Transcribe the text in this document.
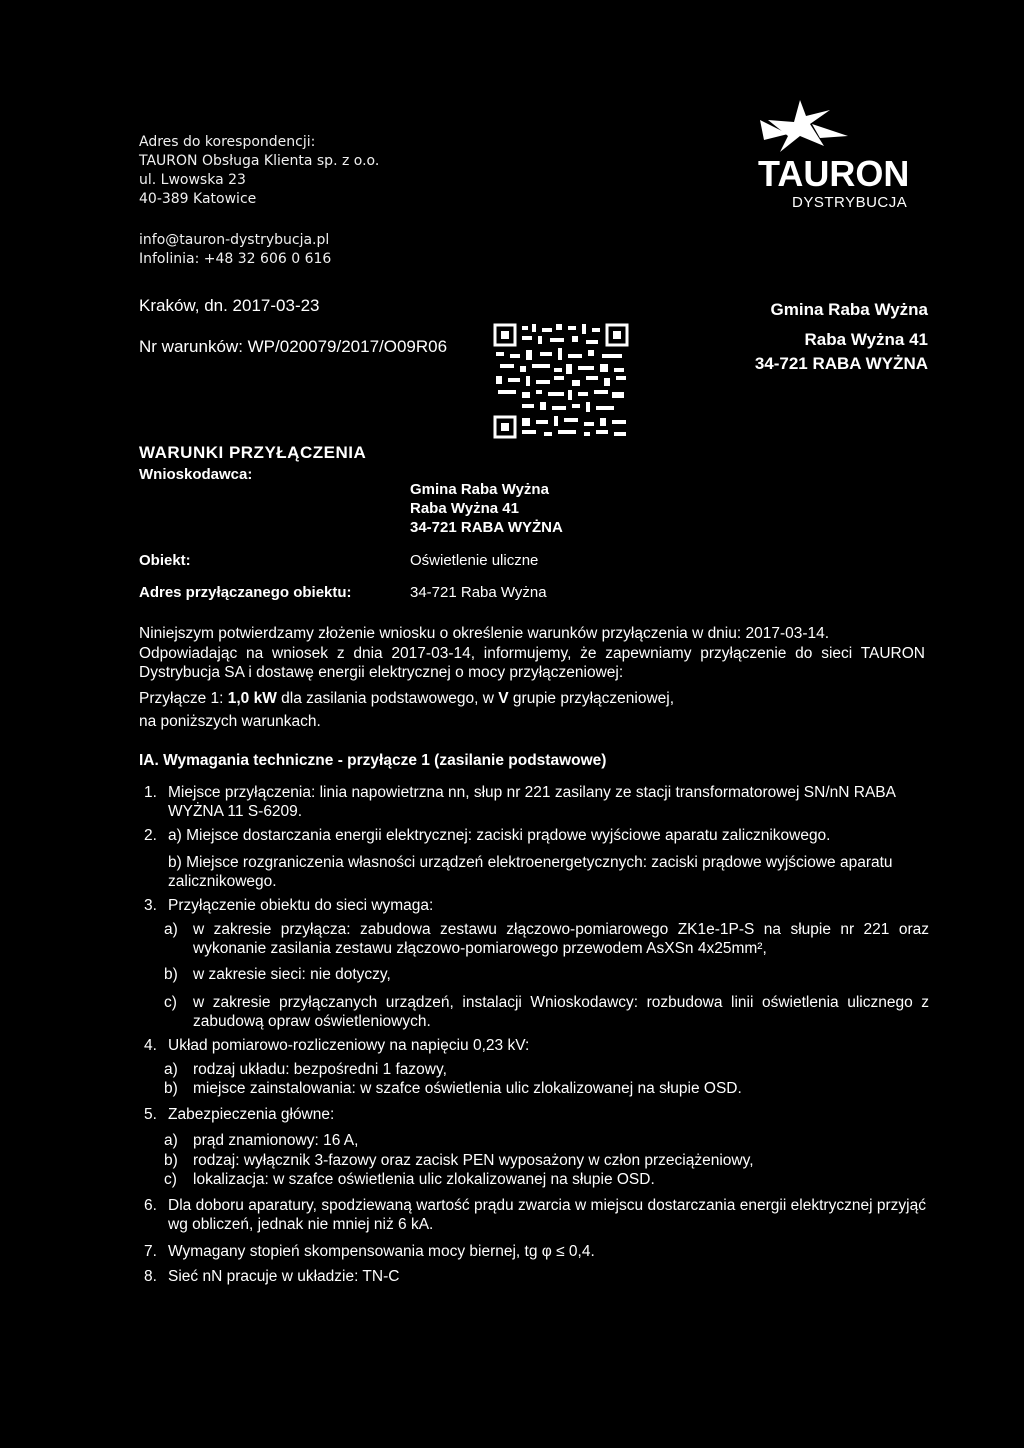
Adres do korespondencji:
TAURON Obsługa Klienta sp. z o.o.
ul. Lwowska 23
40-389 Katowice
info@tauron-dystrybucja.pl
Infolinia: +48 32 606 0 616
TAURON
DYSTRYBUCJA
Kraków, dn. 2017-03-23
Nr warunków: WP/020079/2017/O09R06
Gmina Raba Wyżna
Raba Wyżna 41
34-721 RABA WYŻNA
WARUNKI PRZYŁĄCZENIA
Wnioskodawca:
Gmina Raba Wyżna
Raba Wyżna 41
34-721 RABA WYŻNA
Obiekt:	Oświetlenie uliczne
Adres przyłączanego obiektu:	34-721 Raba Wyżna
Niniejszym potwierdzamy złożenie wniosku o określenie warunków przyłączenia w dniu: 2017-03-14.
Odpowiadając na wniosek z dnia 2017-03-14, informujemy, że zapewniamy przyłączenie do sieci TAURON Dystrybucja SA i dostawę energii elektrycznej o mocy przyłączeniowej:
Przyłącze 1: 1,0 kW dla zasilania podstawowego, w V grupie przyłączeniowej,
na poniższych warunkach.
IA. Wymagania techniczne - przyłącze 1 (zasilanie podstawowe)
1. Miejsce przyłączenia: linia napowietrzna nn, słup nr 221 zasilany ze stacji transformatorowej SN/nN RABA WYŻNA 11 S-6209.
2. a) Miejsce dostarczania energii elektrycznej: zaciski prądowe wyjściowe aparatu zalicznikowego.
b) Miejsce rozgraniczenia własności urządzeń elektroenergetycznych: zaciski prądowe wyjściowe aparatu zalicznikowego.
3. Przyłączenie obiektu do sieci wymaga:
a) w zakresie przyłącza: zabudowa zestawu złączowo-pomiarowego ZK1e-1P-S na słupie nr 221 oraz wykonanie zasilania zestawu złączowo-pomiarowego przewodem AsXSn 4x25mm²,
b) w zakresie sieci: nie dotyczy,
c) w zakresie przyłączanych urządzeń, instalacji Wnioskodawcy: rozbudowa linii oświetlenia ulicznego z zabudową opraw oświetleniowych.
4. Układ pomiarowo-rozliczeniowy na napięciu 0,23 kV:
a) rodzaj układu: bezpośredni 1 fazowy,
b) miejsce zainstalowania: w szafce oświetlenia ulic zlokalizowanej na słupie OSD.
5. Zabezpieczenia główne:
a) prąd znamionowy: 16 A,
b) rodzaj: wyłącznik 3-fazowy oraz zacisk PEN wyposażony w człon przeciążeniowy,
c) lokalizacja: w szafce oświetlenia ulic zlokalizowanej na słupie OSD.
6. Dla doboru aparatury, spodziewaną wartość prądu zwarcia w miejscu dostarczania energii elektrycznej przyjąć wg obliczeń, jednak nie mniej niż 6 kA.
7. Wymagany stopień skompensowania mocy biernej, tg φ ≤ 0,4.
8. Sieć nN pracuje w układzie: TN-C
